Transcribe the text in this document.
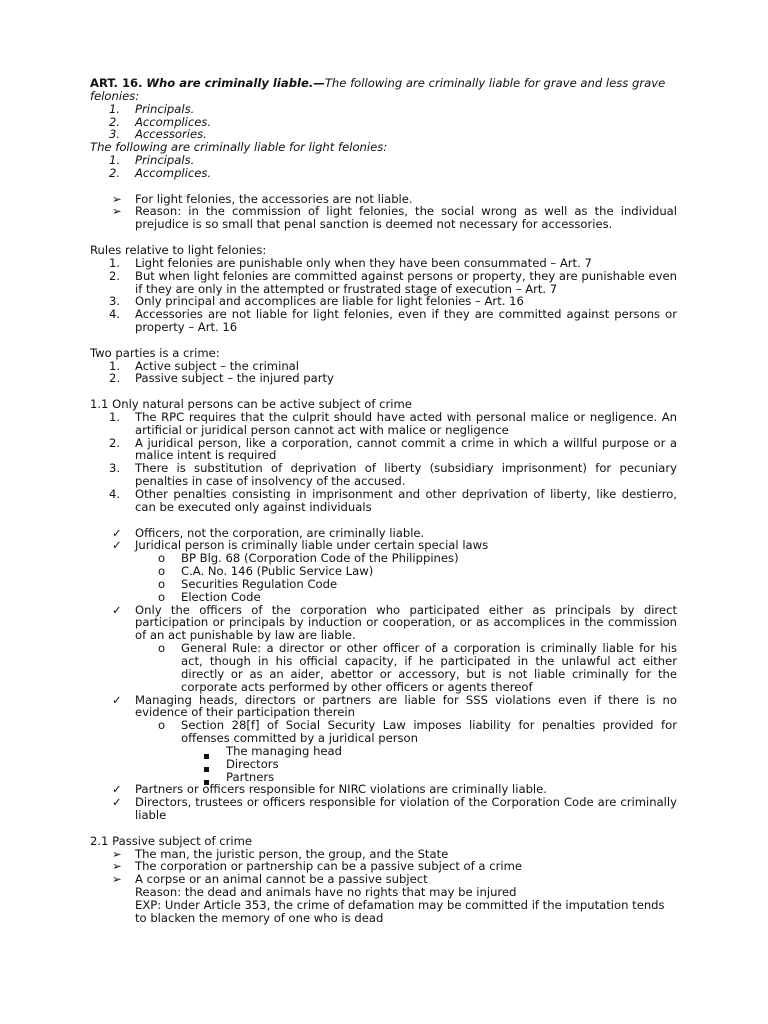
ART. 16. Who are criminally liable.—The following are criminally liable for grave and less grave felonies:

1. Principals.

2. Accomplices.

3. Accessories.

The following are criminally liable for light felonies:

1. Principals.

2. Accomplices.

➢ For light felonies, the accessories are not liable.

➢ Reason: in the commission of light felonies, the social wrong as well as the individual prejudice is so small that penal sanction is deemed not necessary for accessories.

Rules relative to light felonies:

1. Light felonies are punishable only when they have been consummated – Art. 7

2. But when light felonies are committed against persons or property, they are punishable even if they are only in the attempted or frustrated stage of execution – Art. 7

3. Only principal and accomplices are liable for light felonies – Art. 16

4. Accessories are not liable for light felonies, even if they are committed against persons or property – Art. 16

Two parties is a crime:

1. Active subject – the criminal

2. Passive subject – the injured party

1.1 Only natural persons can be active subject of crime

1. The RPC requires that the culprit should have acted with personal malice or negligence. An artificial or juridical person cannot act with malice or negligence

2. A juridical person, like a corporation, cannot commit a crime in which a willful purpose or a malice intent is required

3. There is substitution of deprivation of liberty (subsidiary imprisonment) for pecuniary penalties in case of insolvency of the accused.

4. Other penalties consisting in imprisonment and other deprivation of liberty, like destierro, can be executed only against individuals

✓ Officers, not the corporation, are criminally liable.

✓ Juridical person is criminally liable under certain special laws

o BP Blg. 68 (Corporation Code of the Philippines)

o C.A. No. 146 (Public Service Law)

o Securities Regulation Code

o Election Code

✓ Only the officers of the corporation who participated either as principals by direct participation or principals by induction or cooperation, or as accomplices in the commission of an act punishable by law are liable.

o General Rule: a director or other officer of a corporation is criminally liable for his act, though in his official capacity, if he participated in the unlawful act either directly or as an aider, abettor or accessory, but is not liable criminally for the corporate acts performed by other officers or agents thereof

✓ Managing heads, directors or partners are liable for SSS violations even if there is no evidence of their participation therein

o Section 28[f] of Social Security Law imposes liability for penalties provided for offenses committed by a juridical person

The managing head

Directors

Partners

✓ Partners or officers responsible for NIRC violations are criminally liable.

✓ Directors, trustees or officers responsible for violation of the Corporation Code are criminally liable

2.1 Passive subject of crime

➢ The man, the juristic person, the group, and the State

➢ The corporation or partnership can be a passive subject of a crime

➢ A corpse or an animal cannot be a passive subject

Reason: the dead and animals have no rights that may be injured

EXP: Under Article 353, the crime of defamation may be committed if the imputation tends to blacken the memory of one who is dead
